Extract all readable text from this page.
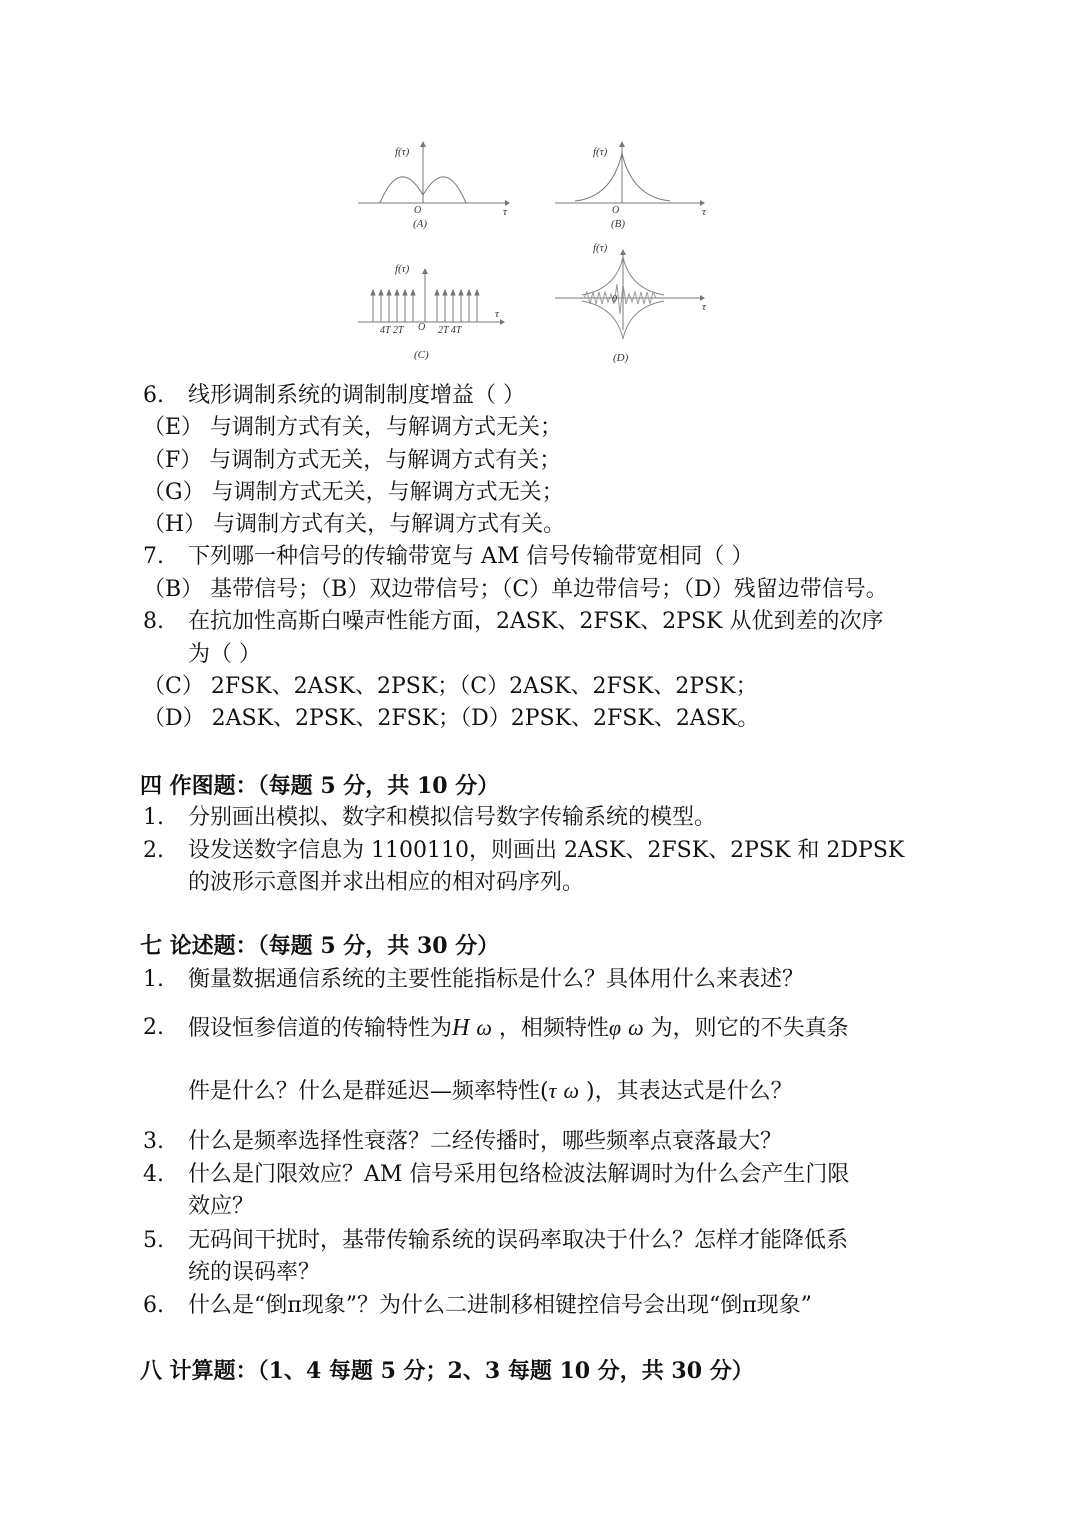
f(τ)
O	τ
(A)
f(τ)
O	τ
(B)
f(τ)
O
4T 2T	2T 4T
τ
(C)
f(τ)
0
τ
(D)
6. 线形调制系统的调制制度增益（ ）
（E） 与调制方式有关，与解调方式无关；
（F） 与调制方式无关，与解调方式有关；
（G） 与调制方式无关，与解调方式无关；
（H） 与调制方式有关，与解调方式有关。
7. 下列哪一种信号的传输带宽与 AM 信号传输带宽相同（ ）
（B） 基带信号；（B）双边带信号；（C）单边带信号；（D）残留边带信号。
8. 在抗加性高斯白噪声性能方面，2ASK、2FSK、2PSK 从优到差的次序
为（ ）
（C） 2FSK、2ASK、2PSK；（C）2ASK、2FSK、2PSK；
（D） 2ASK、2PSK、2FSK；（D）2PSK、2FSK、2ASK。
四 作图题：（每题 5 分，共 10 分）
1. 分别画出模拟、数字和模拟信号数字传输系统的模型。
2. 设发送数字信息为 1100110，则画出 2ASK、2FSK、2PSK 和 2DPSK
的波形示意图并求出相应的相对码序列。
七 论述题：（每题 5 分，共 30 分）
1. 衡量数据通信系统的主要性能指标是什么？具体用什么来表述？
2. 假设恒参信道的传输特性为H ω ，相频特性φ ω 为，则它的不失真条
件是什么？什么是群延迟—频率特性(τ ω )，其表达式是什么？
3. 什么是频率选择性衰落？二经传播时，哪些频率点衰落最大？
4. 什么是门限效应？AM 信号采用包络检波法解调时为什么会产生门限
效应？
5. 无码间干扰时，基带传输系统的误码率取决于什么？怎样才能降低系
统的误码率？
6. 什么是“倒π现象”？为什么二进制移相键控信号会出现“倒π现象”
八 计算题：（1、4 每题 5 分；2、3 每题 10 分，共 30 分）
